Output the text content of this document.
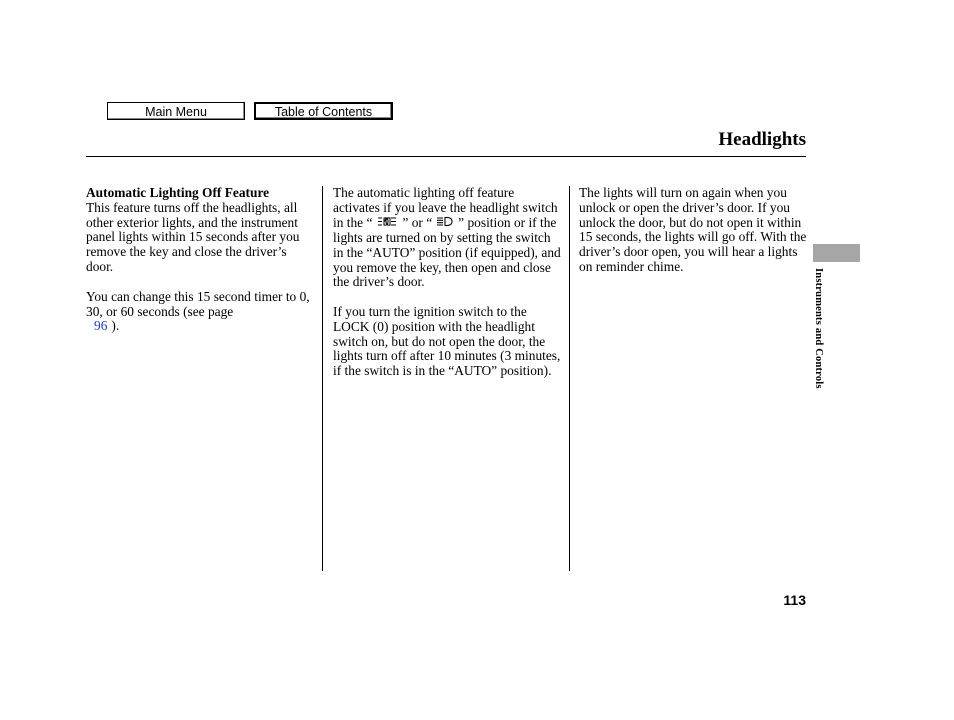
Main Menu	Table of Contents
Headlights
Automatic Lighting Off Feature

This feature turns off the headlights, all other exterior lights, and the instrument panel lights within 15 seconds after you remove the key and close the driver’s door.

You can change this 15 second timer to 0, 30, or 60 seconds (see page
96 ).

The automatic lighting off feature activates if you leave the headlight switch in the “ ” or “ ” position or if the lights are turned on by setting the switch in the “AUTO” position (if equipped), and you remove the key, then open and close the driver’s door.

If you turn the ignition switch to the LOCK (0) position with the headlight switch on, but do not open the door, the lights turn off after 10 minutes (3 minutes, if the switch is in the “AUTO” position).

The lights will turn on again when you unlock or open the driver’s door. If you unlock the door, but do not open it within 15 seconds, the lights will go off. With the driver’s door open, you will hear a lights on reminder chime.

Instruments and Controls
113
